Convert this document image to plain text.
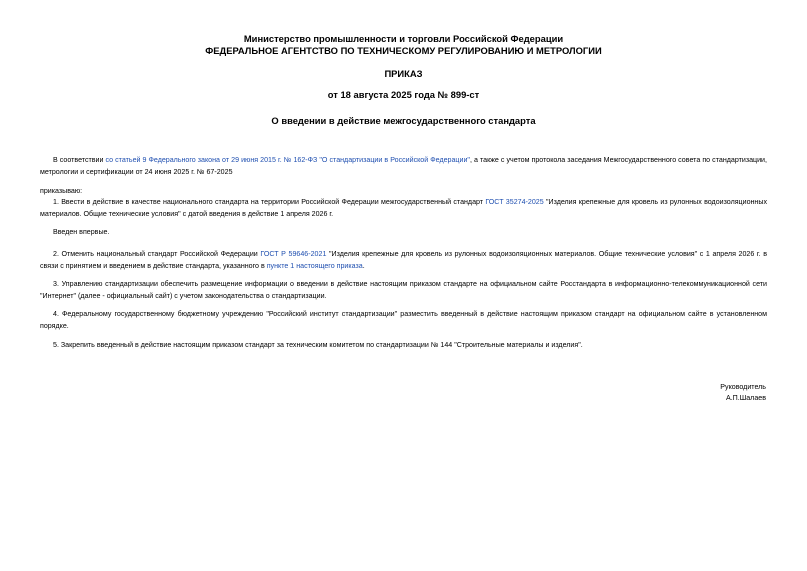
Министерство промышленности и торговли Российской Федерации
ФЕДЕРАЛЬНОЕ АГЕНТСТВО ПО ТЕХНИЧЕСКОМУ РЕГУЛИРОВАНИЮ И МЕТРОЛОГИИ
ПРИКАЗ
от 18 августа 2025 года № 899-ст
О введении в действие межгосударственного стандарта
В соответствии со статьей 9 Федерального закона от 29 июня 2015 г. № 162-ФЗ "О стандартизации в Российской Федерации", а также с учетом протокола заседания Межгосударственного совета по стандартизации, метрологии и сертификации от 24 июня 2025 г. № 67-2025
приказываю:
1. Ввести в действие в качестве национального стандарта на территории Российской Федерации межгосударственный стандарт ГОСТ 35274-2025 "Изделия крепежные для кровель из рулонных водоизоляционных материалов. Общие технические условия" с датой введения в действие 1 апреля 2026 г.
Введен впервые.
2. Отменить национальный стандарт Российской Федерации ГОСТ Р 59646-2021 "Изделия крепежные для кровель из рулонных водоизоляционных материалов. Общие технические условия" с 1 апреля 2026 г. в связи с принятием и введением в действие стандарта, указанного в пункте 1 настоящего приказа.
3. Управлению стандартизации обеспечить размещение информации о введении в действие настоящим приказом стандарте на официальном сайте Росстандарта в информационно-телекоммуникационной сети "Интернет" (далее - официальный сайт) с учетом законодательства о стандартизации.
4. Федеральному государственному бюджетному учреждению "Российский институт стандартизации" разместить введенный в действие настоящим приказом стандарт на официальном сайте в установленном порядке.
5. Закрепить введенный в действие настоящим приказом стандарт за техническим комитетом по стандартизации № 144 "Строительные материалы и изделия".
Руководитель
А.П.Шалаев
